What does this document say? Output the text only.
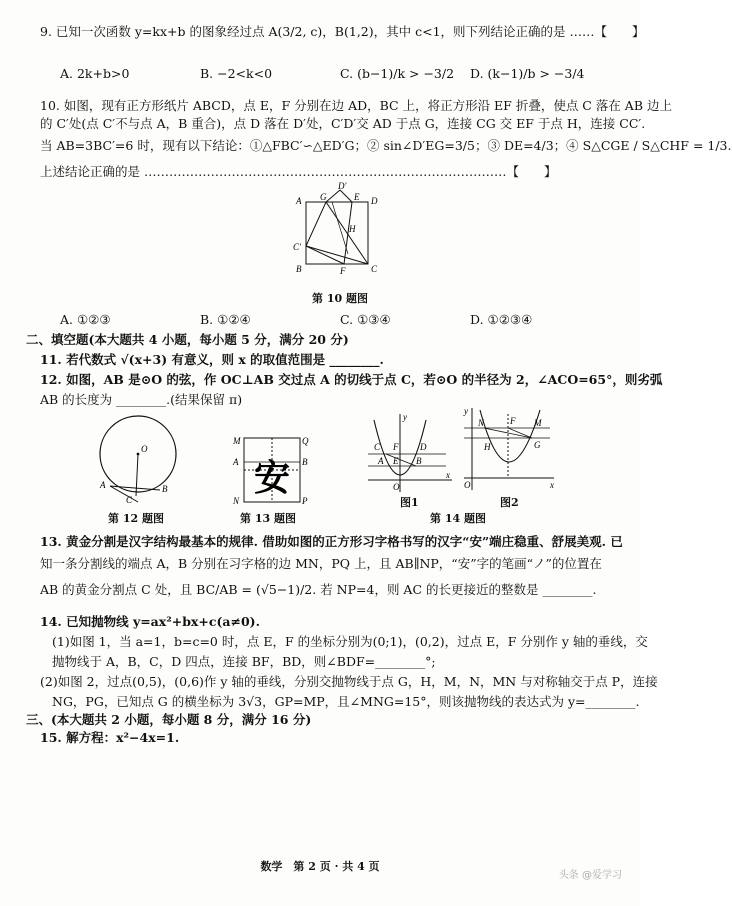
9. 已知一次函数 y=kx+b 的图象经过点 A(3/2, c)，B(1,2)，其中 c<1，则下列结论正确的是 ……【　　】
A. 2k+b>0	B. −2<k<0	C. (b−1)/k > −3/2 D. (k−1)/b > −3/4
10. 如图，现有正方形纸片 ABCD，点 E，F 分别在边 AD，BC 上，将正方形沿 EF 折叠，使点 C 落在 AB 边上
的 C′处(点 C′不与点 A，B 重合)，点 D 落在 D′处，C′D′交 AD 于点 G，连接 CG 交 EF 于点 H，连接 CC′.
当 AB=3BC′=6 时，现有以下结论：①△FBC′∽△ED′G；② sin∠D′EG=3/5；③ DE=4/3；④ S△CGE / S△CHF = 1/3.
上述结论正确的是 ……………………………………………………………………………【　　】
D′
A G	E D
H
C′
B	F	C
第 10 题图
A. ①②③	B. ①②④	C. ①③④	D. ①②③④
二、填空题(本大题共 4 小题，每小题 5 分，满分 20 分)
11. 若代数式 √(x+3) 有意义，则 x 的取值范围是 ________.
12. 如图，AB 是⊙O 的弦，作 OC⊥AB 交过点 A 的切线于点 C，若⊙O 的半径为 2，∠ACO=65°，则劣弧
AB 的长度为 ________.(结果保留 π)
O
A	B
C
第 12 题图
安
M
A
N
Q
B
P
第 13 题图
y
C F
E
O
A
D
B
x
图1
y
N	F M
H	G
O	x
图2
第 14 题图
13. 黄金分割是汉字结构最基本的规律. 借助如图的正方形习字格书写的汉字“安”端庄稳重、舒展美观. 已
知一条分割线的端点 A，B 分别在习字格的边 MN，PQ 上，且 AB∥NP，“安”字的笔画“ノ”的位置在
AB 的黄金分割点 C 处，且 BC/AB = (√5−1)/2. 若 NP=4，则 AC 的长更接近的整数是 ________.
14. 已知抛物线 y=ax²+bx+c(a≠0).
(1)如图 1，当 a=1，b=c=0 时，点 E，F 的坐标分别为(0;1)，(0,2)，过点 E，F 分别作 y 轴的垂线，交
抛物线于 A，B，C，D 四点，连接 BF，BD，则∠BDF=________°;
(2)如图 2，过点(0,5)，(0,6)作 y 轴的垂线，分别交抛物线于点 G，H，M，N，MN 与对称轴交于点 P，连接
NG，PG，已知点 G 的横坐标为 3√3，GP=MP，且∠MNG=15°，则该抛物线的表达式为 y=________.
三、(本大题共 2 小题，每小题 8 分，满分 16 分)
15. 解方程：x²−4x=1.
数学　第 2 页 · 共 4 页
头条 @爱学习
